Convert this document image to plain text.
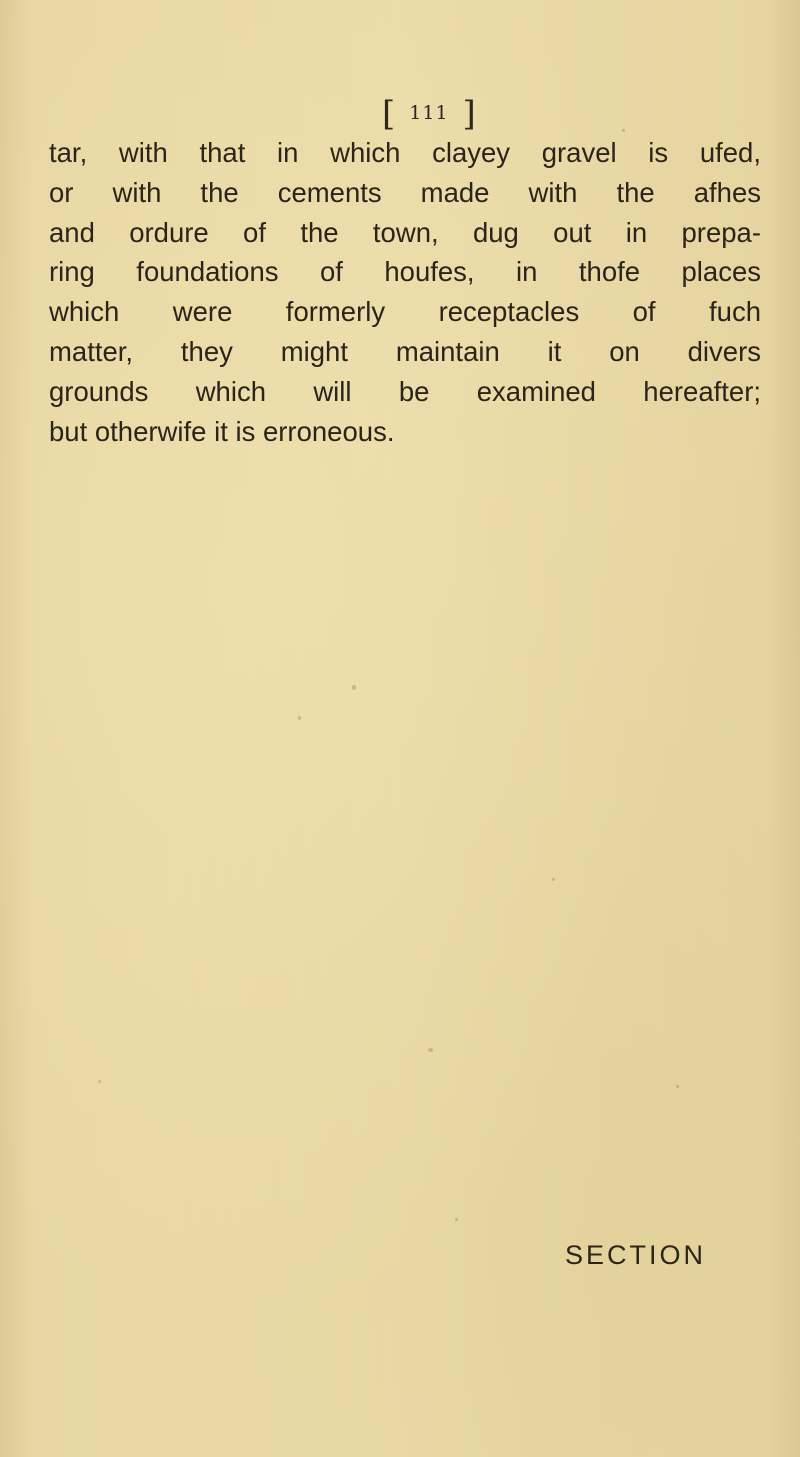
[ 111 ]
tar, with that in which clayey gravel is ufed,
or with the cements made with the afhes
and ordure of the town, dug out in prepa-
ring foundations of houfes, in thofe places
which were formerly receptacles of fuch
matter, they might maintain it on divers
grounds which will be examined hereafter;
but otherwife it is erroneous.
SECTION
